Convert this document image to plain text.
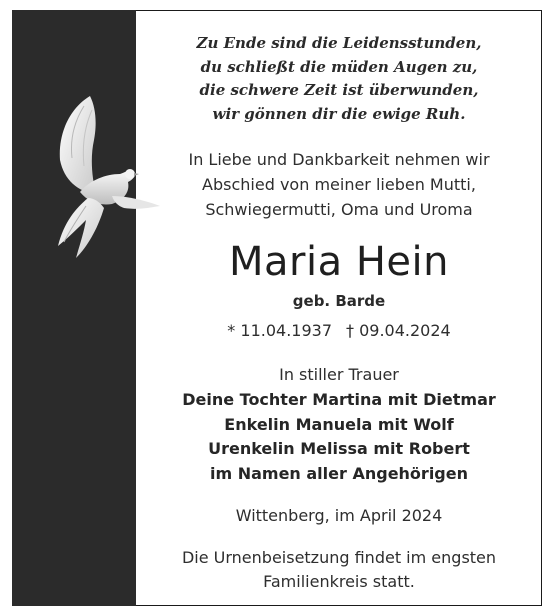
Zu Ende sind die Leidensstunden,
du schließt die müden Augen zu,
die schwere Zeit ist überwunden,
wir gönnen dir die ewige Ruh.
In Liebe und Dankbarkeit nehmen wir
Abschied von meiner lieben Mutti,
Schwiegermutti, Oma und Uroma
Maria Hein
geb. Barde
* 11.04.1937 † 09.04.2024
In stiller Trauer
Deine Tochter Martina mit Dietmar
Enkelin Manuela mit Wolf
Urenkelin Melissa mit Robert
im Namen aller Angehörigen
Wittenberg, im April 2024
Die Urnenbeisetzung findet im engsten
Familienkreis statt.
